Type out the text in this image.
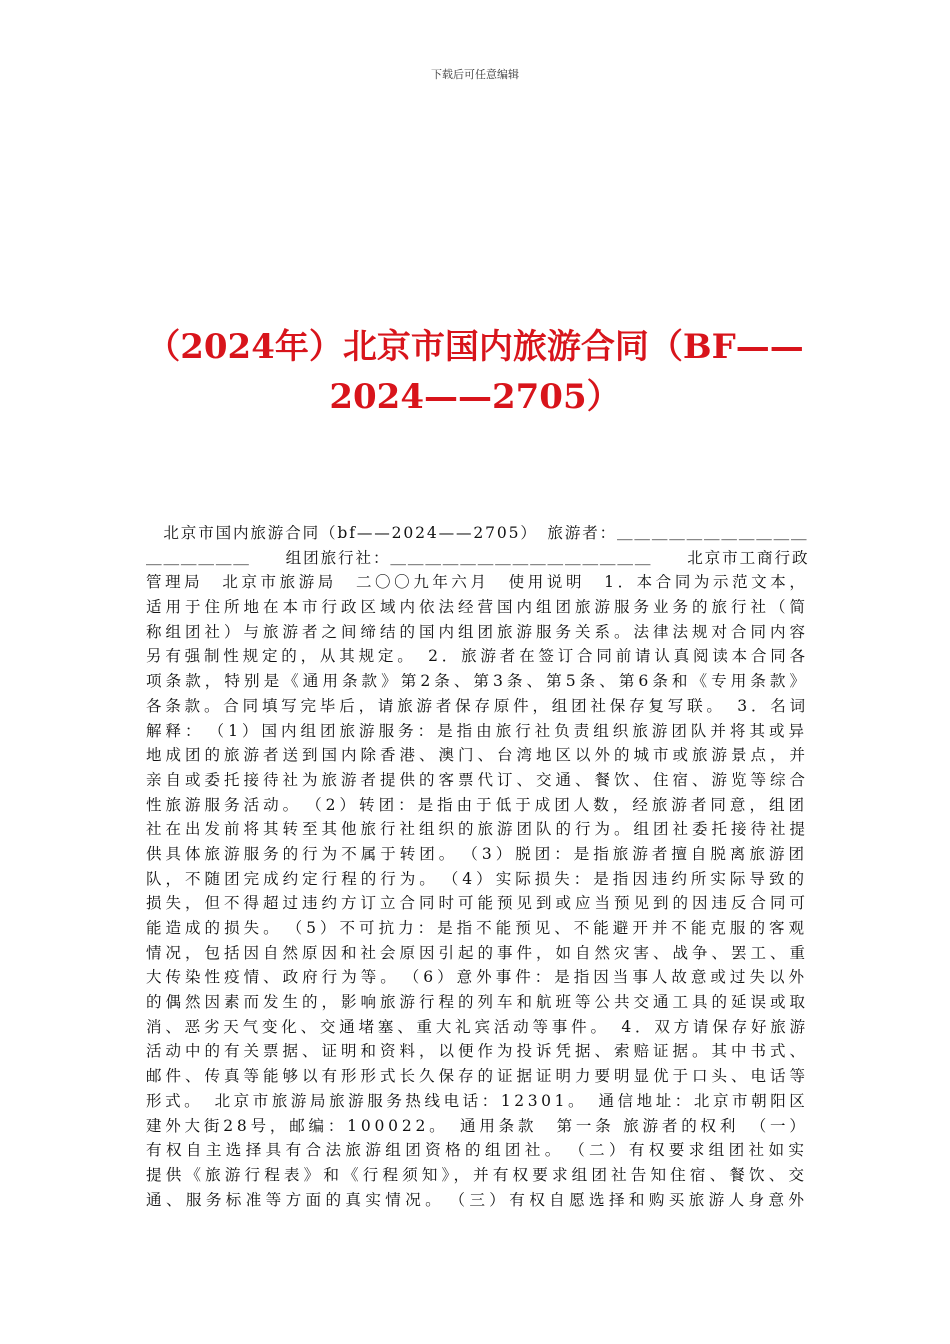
下载后可任意编辑
（2024年）北京市国内旅游合同（BF——
2024——2705）
　北京市国内旅游合同（bf——2024——2705）　旅游者：＿＿＿＿＿＿＿＿＿＿＿
＿＿＿＿＿＿　　组团旅行社：＿＿＿＿＿＿＿＿＿＿＿＿＿＿＿　　北京市工商行政
管理局　北京市旅游局　二〇〇九年六月　使用说明　1．本合同为示范文本，
适用于住所地在本市行政区域内依法经营国内组团旅游服务业务的旅行社（简
称组团社）与旅游者之间缔结的国内组团旅游服务关系。法律法规对合同内容
另有强制性规定的，从其规定。　2．旅游者在签订合同前请认真阅读本合同各
项条款，特别是《通用条款》第2条、第3条、第5条、第6条和《专用条款》
各条款。合同填写完毕后，请旅游者保存原件，组团社保存复写联。　3．名词
解释：　（1）国内组团旅游服务：是指由旅行社负责组织旅游团队并将其或异
地成团的旅游者送到国内除香港、澳门、台湾地区以外的城市或旅游景点，并
亲自或委托接待社为旅游者提供的客票代订、交通、餐饮、住宿、游览等综合
性旅游服务活动。　（2）转团：是指由于低于成团人数，经旅游者同意，组团
社在出发前将其转至其他旅行社组织的旅游团队的行为。组团社委托接待社提
供具体旅游服务的行为不属于转团。　（3）脱团：是指旅游者擅自脱离旅游团
队，不随团完成约定行程的行为。　（4）实际损失：是指因违约所实际导致的
损失，但不得超过违约方订立合同时可能预见到或应当预见到的因违反合同可
能造成的损失。　（5）不可抗力：是指不能预见、不能避开并不能克服的客观
情况，包括因自然原因和社会原因引起的事件，如自然灾害、战争、罢工、重
大传染性疫情、政府行为等。　（6）意外事件：是指因当事人故意或过失以外
的偶然因素而发生的，影响旅游行程的列车和航班等公共交通工具的延误或取
消、恶劣天气变化、交通堵塞、重大礼宾活动等事件。　4．双方请保存好旅游
活动中的有关票据、证明和资料，以便作为投诉凭据、索赔证据。其中书式、
邮件、传真等能够以有形形式长久保存的证据证明力要明显优于口头、电话等
形式。　北京市旅游局旅游服务热线电话：12301。　通信地址：北京市朝阳区
建外大街28号，邮编：100022。　通用条款　第一条 旅游者的权利　（一）
有权自主选择具有合法旅游组团资格的组团社。　（二）有权要求组团社如实
提供《旅游行程表》和《行程须知》，并有权要求组团社告知住宿、餐饮、交
通、服务标准等方面的真实情况。　（三）有权自愿选择和购买旅游人身意外
